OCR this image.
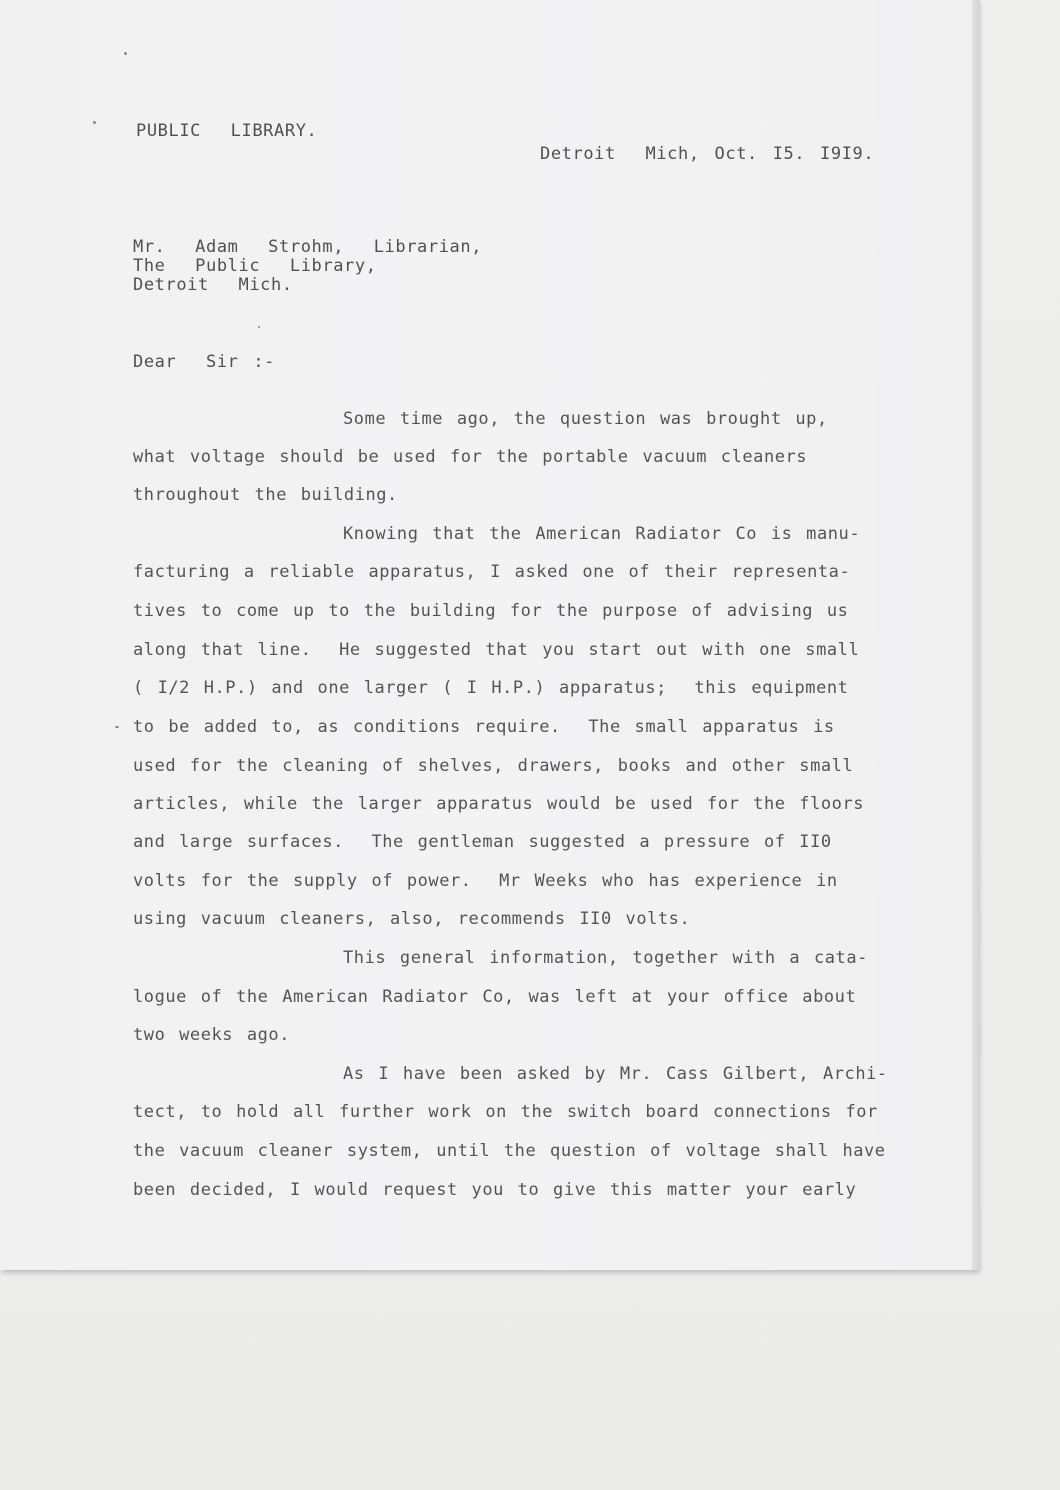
PUBLIC  LIBRARY.
Detroit  Mich, Oct. I5. I9I9.
Mr.  Adam  Strohm,  Librarian,
The  Public  Library,
Detroit  Mich.
Dear  Sir :-
Some time ago, the question was brought up,
what voltage should be used for the portable vacuum cleaners
throughout the building.
Knowing that the American Radiator Co is manu-
facturing a reliable apparatus, I asked one of their representa-
tives to come up to the building for the purpose of advising us
along that line.  He suggested that you start out with one small
( I/2 H.P.) and one larger ( I H.P.) apparatus;  this equipment
to be added to, as conditions require.  The small apparatus is
used for the cleaning of shelves, drawers, books and other small
articles, while the larger apparatus would be used for the floors
and large surfaces.  The gentleman suggested a pressure of II0
volts for the supply of power.  Mr Weeks who has experience in
using vacuum cleaners, also, recommends II0 volts.
This general information, together with a cata-
logue of the American Radiator Co, was left at your office about
two weeks ago.
As I have been asked by Mr. Cass Gilbert, Archi-
tect, to hold all further work on the switch board connections for
the vacuum cleaner system, until the question of voltage shall have
been decided, I would request you to give this matter your early
